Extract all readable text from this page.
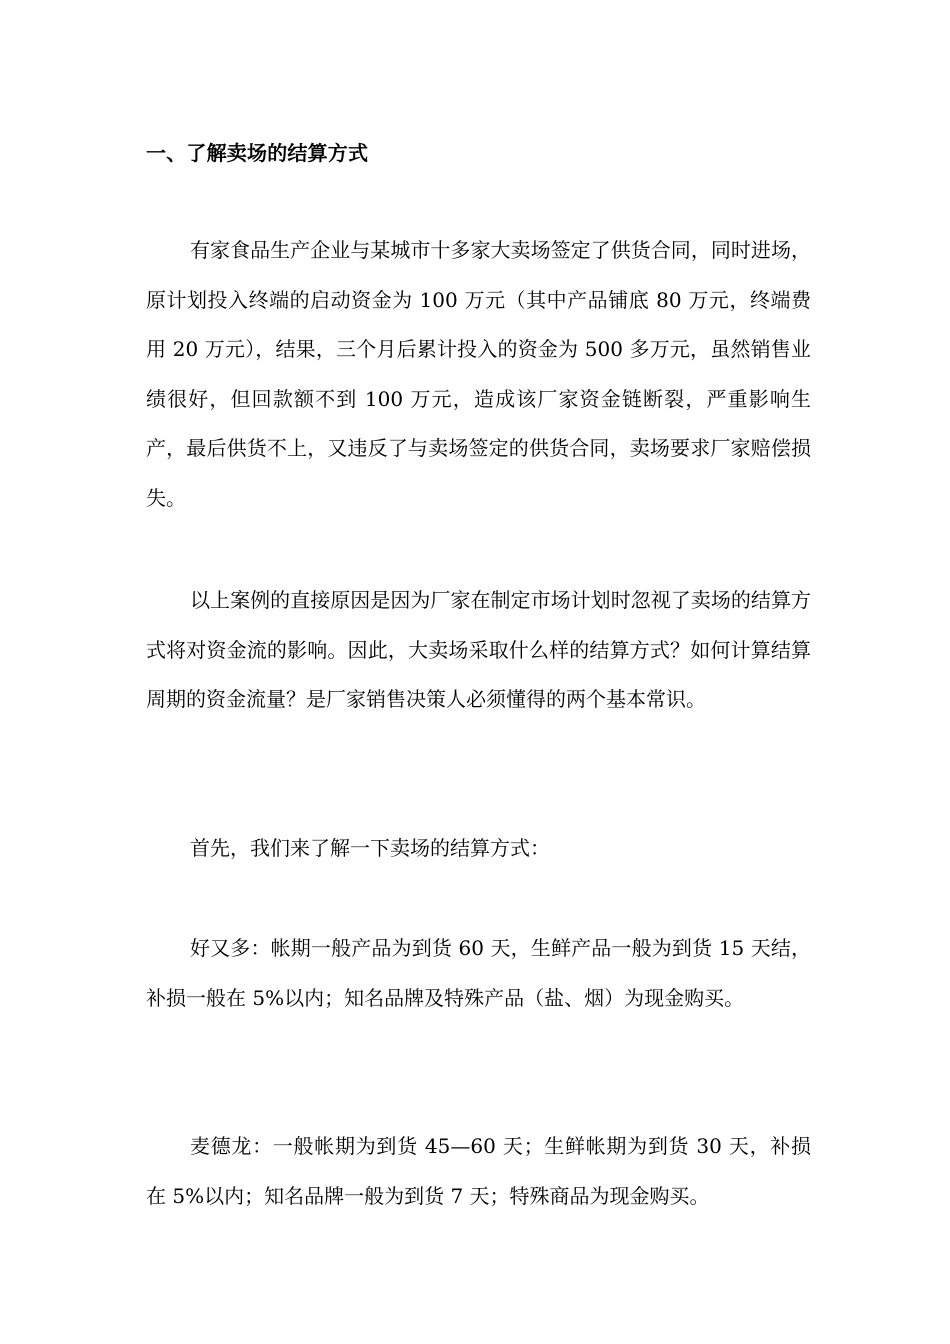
一、了解卖场的结算方式

有家食品生产企业与某城市十多家大卖场签定了供货合同，同时进场，原计划投入终端的启动资金为 100 万元（其中产品铺底 80 万元，终端费用 20 万元），结果，三个月后累计投入的资金为 500 多万元，虽然销售业绩很好，但回款额不到 100 万元，造成该厂家资金链断裂，严重影响生产，最后供货不上，又违反了与卖场签定的供货合同，卖场要求厂家赔偿损失。

以上案例的直接原因是因为厂家在制定市场计划时忽视了卖场的结算方式将对资金流的影响。因此，大卖场采取什么样的结算方式？如何计算结算周期的资金流量？是厂家销售决策人必须懂得的两个基本常识。

首先，我们来了解一下卖场的结算方式：

好又多：帐期一般产品为到货 60 天，生鲜产品一般为到货 15 天结，补损一般在 5%以内；知名品牌及特殊产品（盐、烟）为现金购买。

麦德龙：一般帐期为到货 45—60 天；生鲜帐期为到货 30 天，补损在 5%以内；知名品牌一般为到货 7 天；特殊商品为现金购买。
